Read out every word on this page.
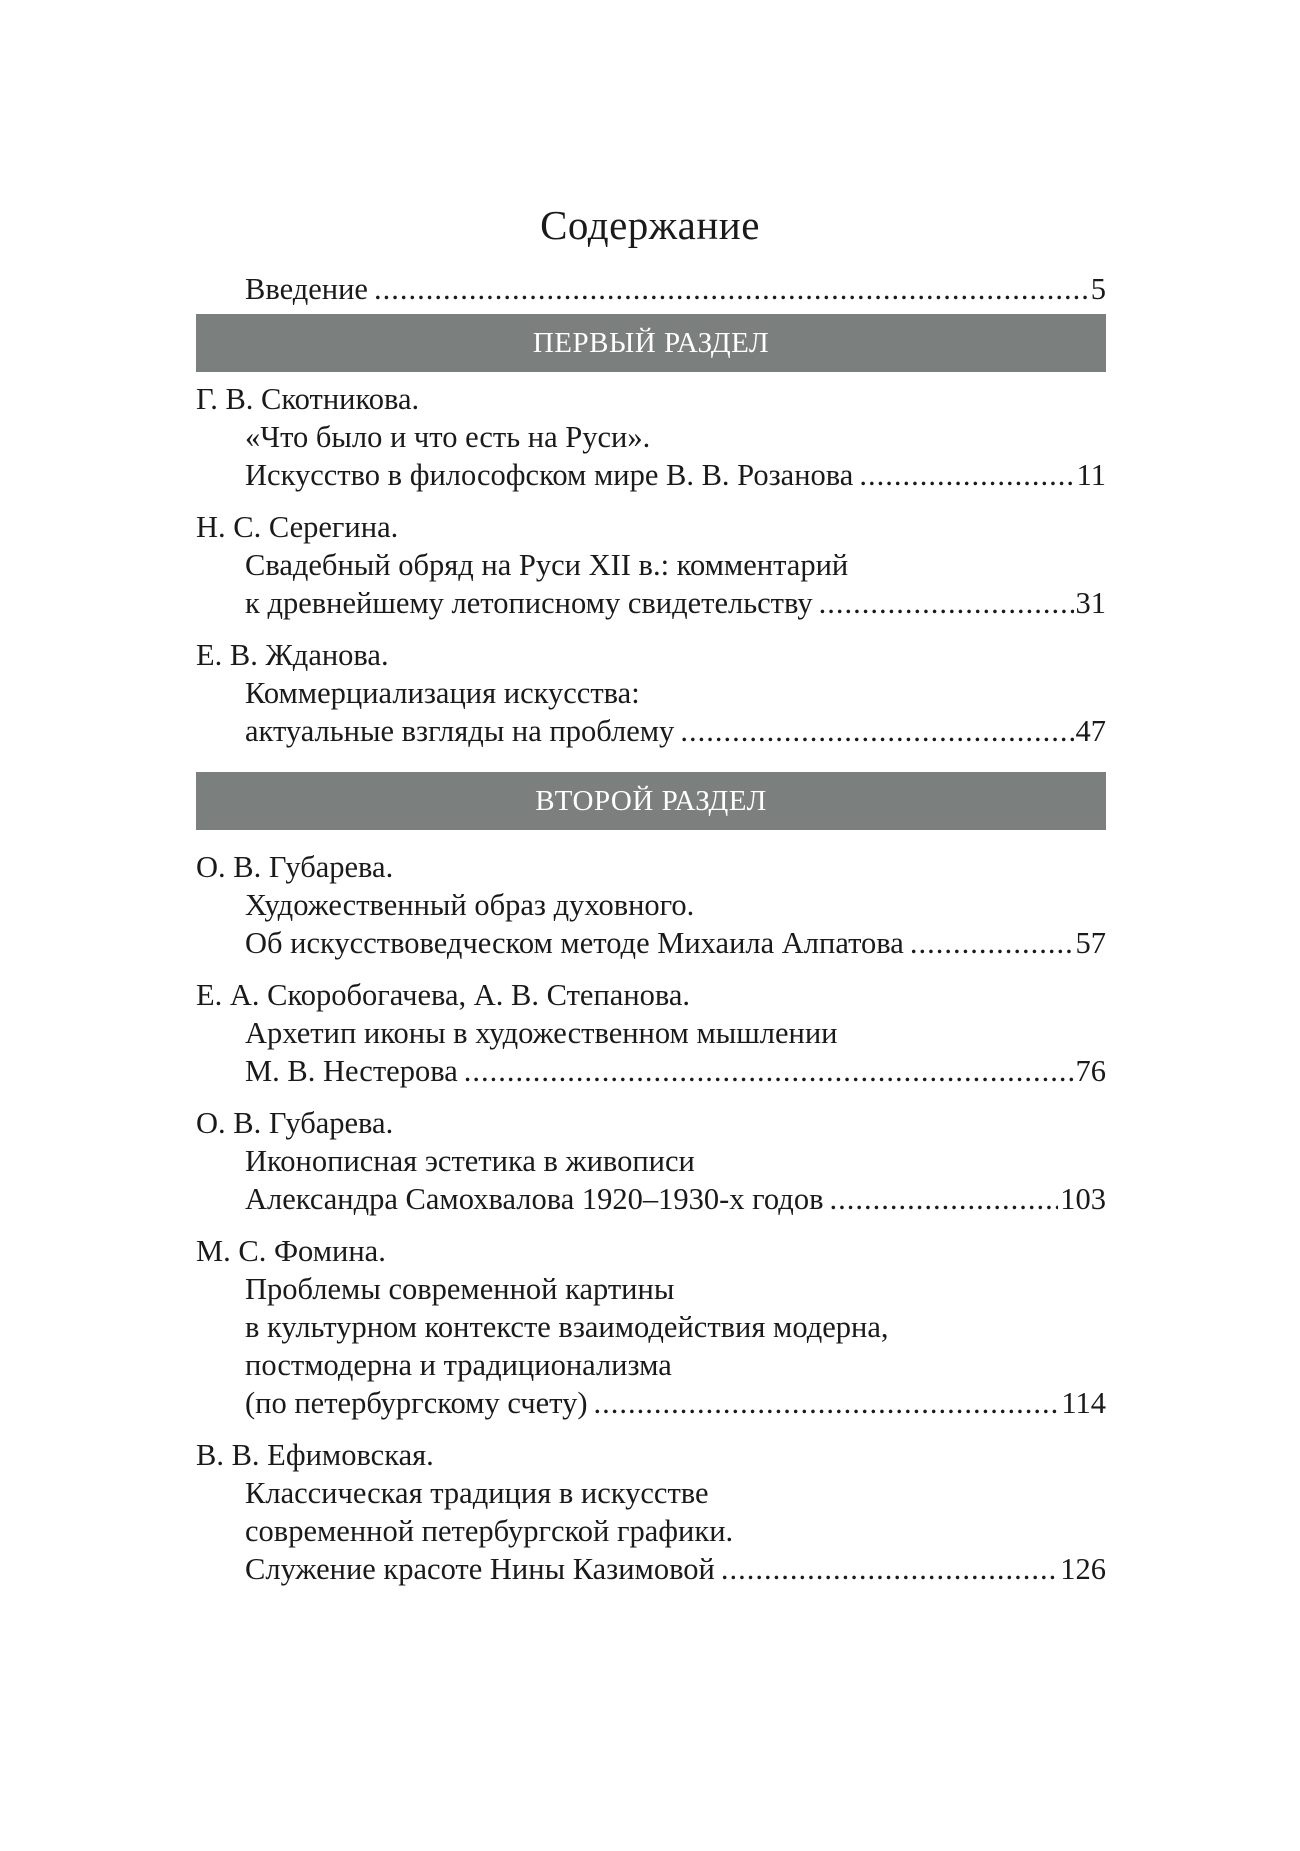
Содержание
Введение .....	5
ПЕРВЫЙ РАЗДЕЛ
Г. В. Скотникова.
«Что было и что есть на Руси».
Искусство в философском мире В. В. Розанова .....	11
Н. С. Серегина.
Свадебный обряд на Руси XII в.: комментарий
к древнейшему летописному свидетельству .....	31
Е. В. Жданова.
Коммерциализация искусства:
актуальные взгляды на проблему .....	47
ВТОРОЙ РАЗДЕЛ
О. В. Губарева.
Художественный образ духовного.
Об искусствоведческом методе Михаила Алпатова .....	57
Е. А. Скоробогачева, А. В. Степанова.
Архетип иконы в художественном мышлении
М. В. Нестерова .....	76
О. В. Губарева.
Иконописная эстетика в живописи
Александра Самохвалова 1920–1930-х годов .....	103
М. С. Фомина.
Проблемы современной картины
в культурном контексте взаимодействия модерна,
постмодерна и традиционализма
(по петербургскому счету) .....	114
В. В. Ефимовская.
Классическая традиция в искусстве
современной петербургской графики.
Служение красоте Нины Казимовой .....	126
